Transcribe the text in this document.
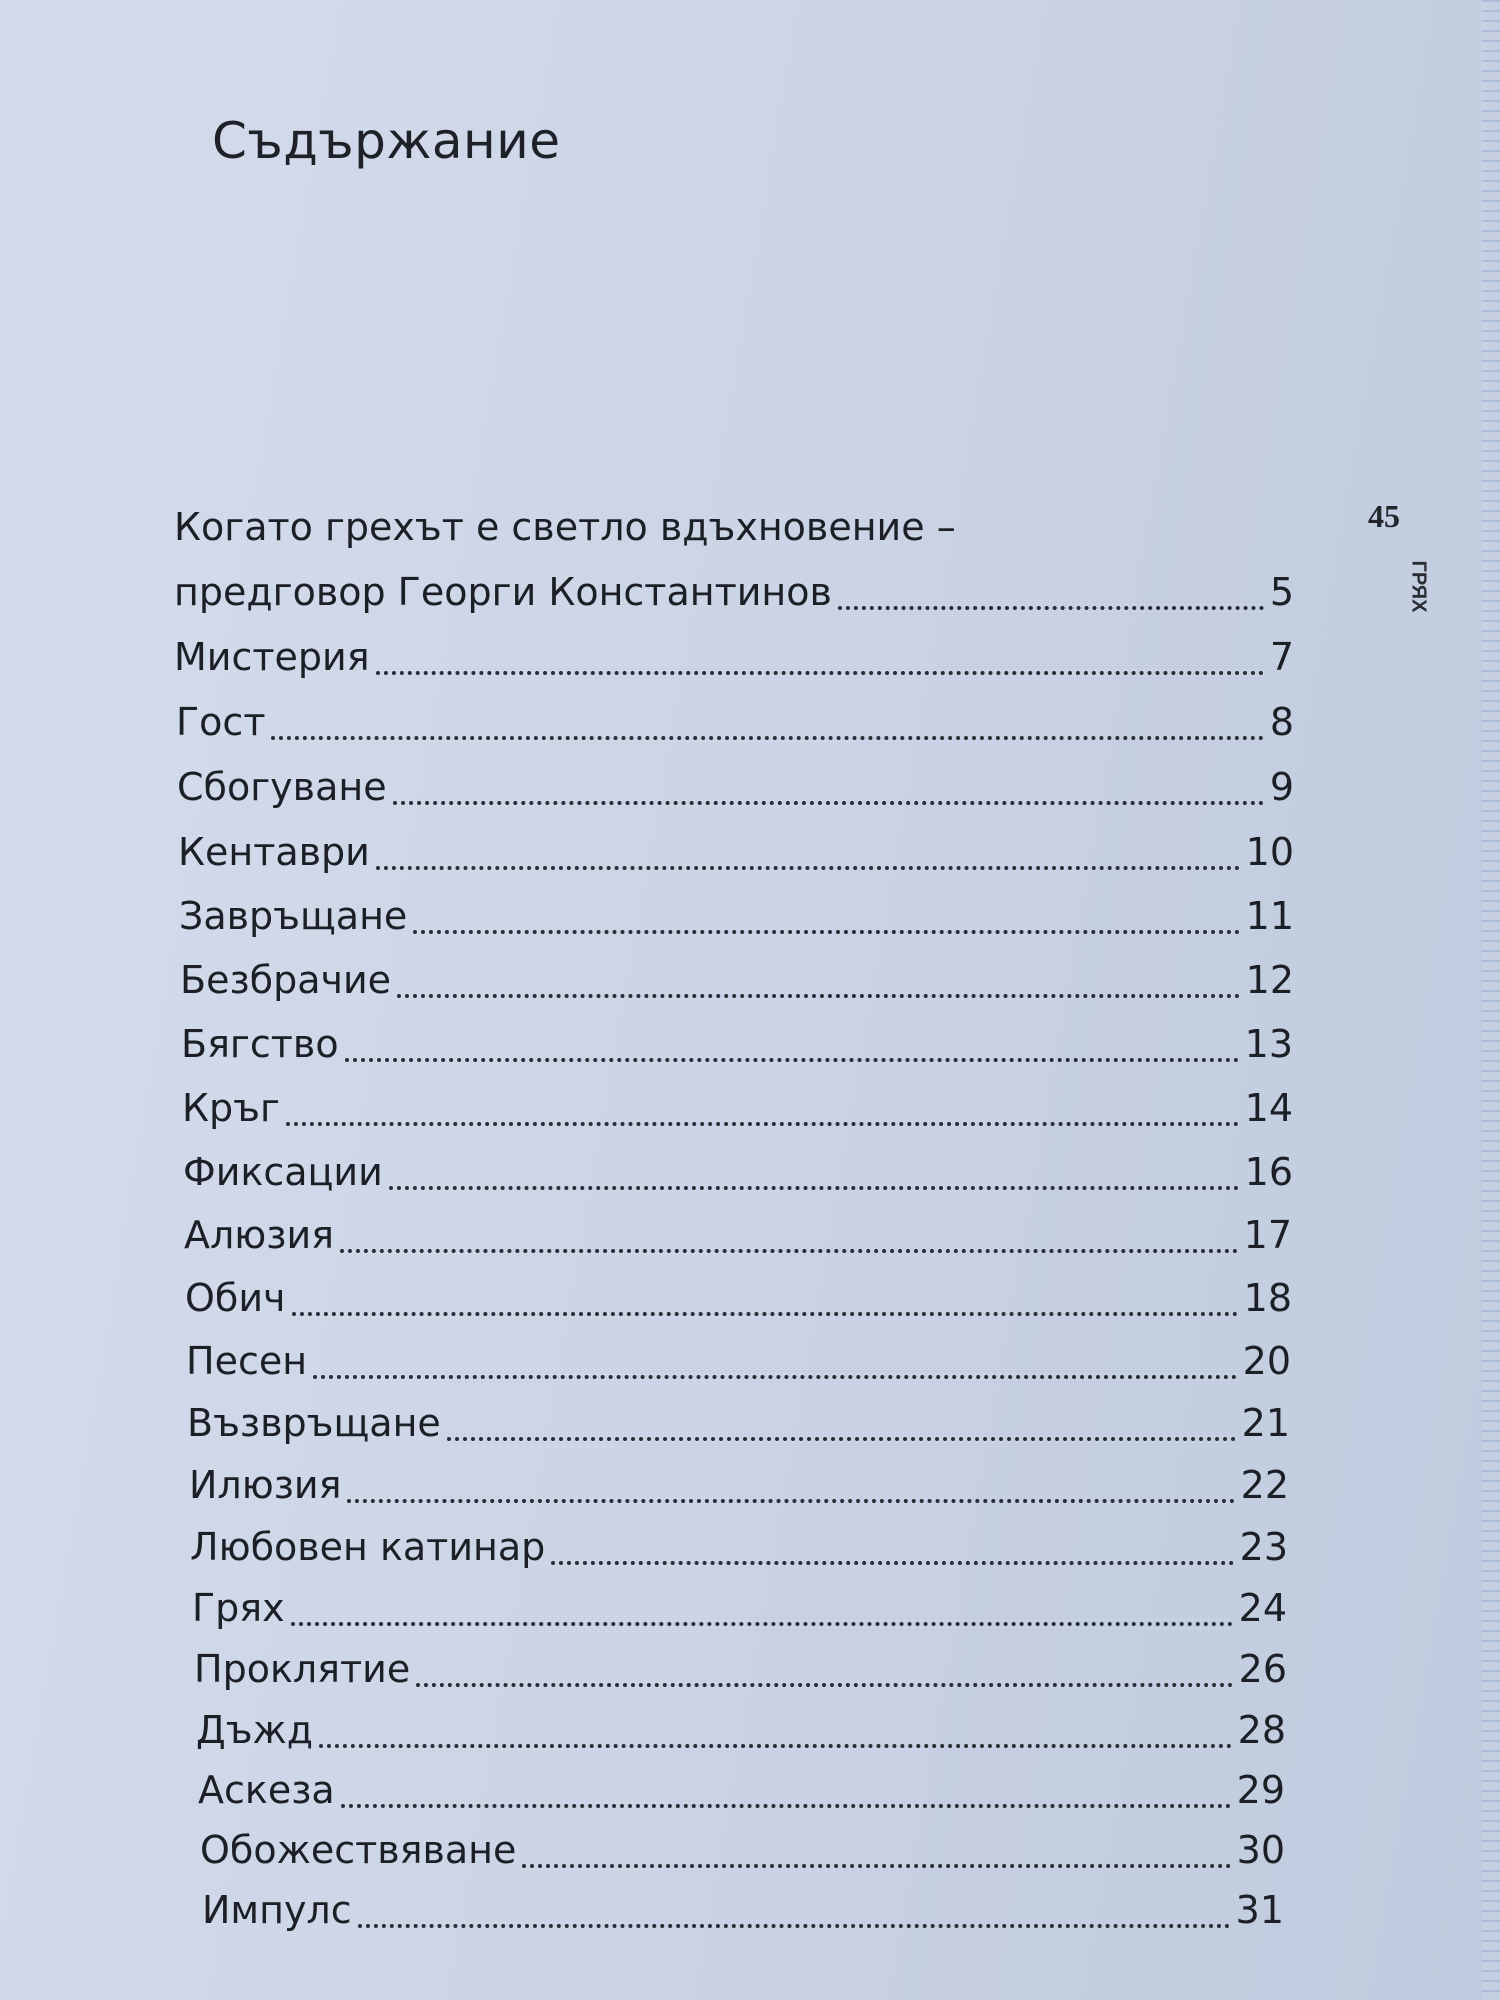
Съдържание
45
ГРЯХ
Когато грехът е светло вдъхновение –
предговор Георги Константинов	5
Мистерия	7
Гост	8
Сбогуване	9
Кентаври	10
Завръщане	11
Безбрачие	12
Бягство	13
Кръг	14
Фиксации	16
Алюзия	17
Обич	18
Песен	20
Възвръщане	21
Илюзия	22
Любовен катинар	23
Грях	24
Проклятие	26
Дъжд	28
Аскеза	29
Обожествяване	30
Импулс	31
